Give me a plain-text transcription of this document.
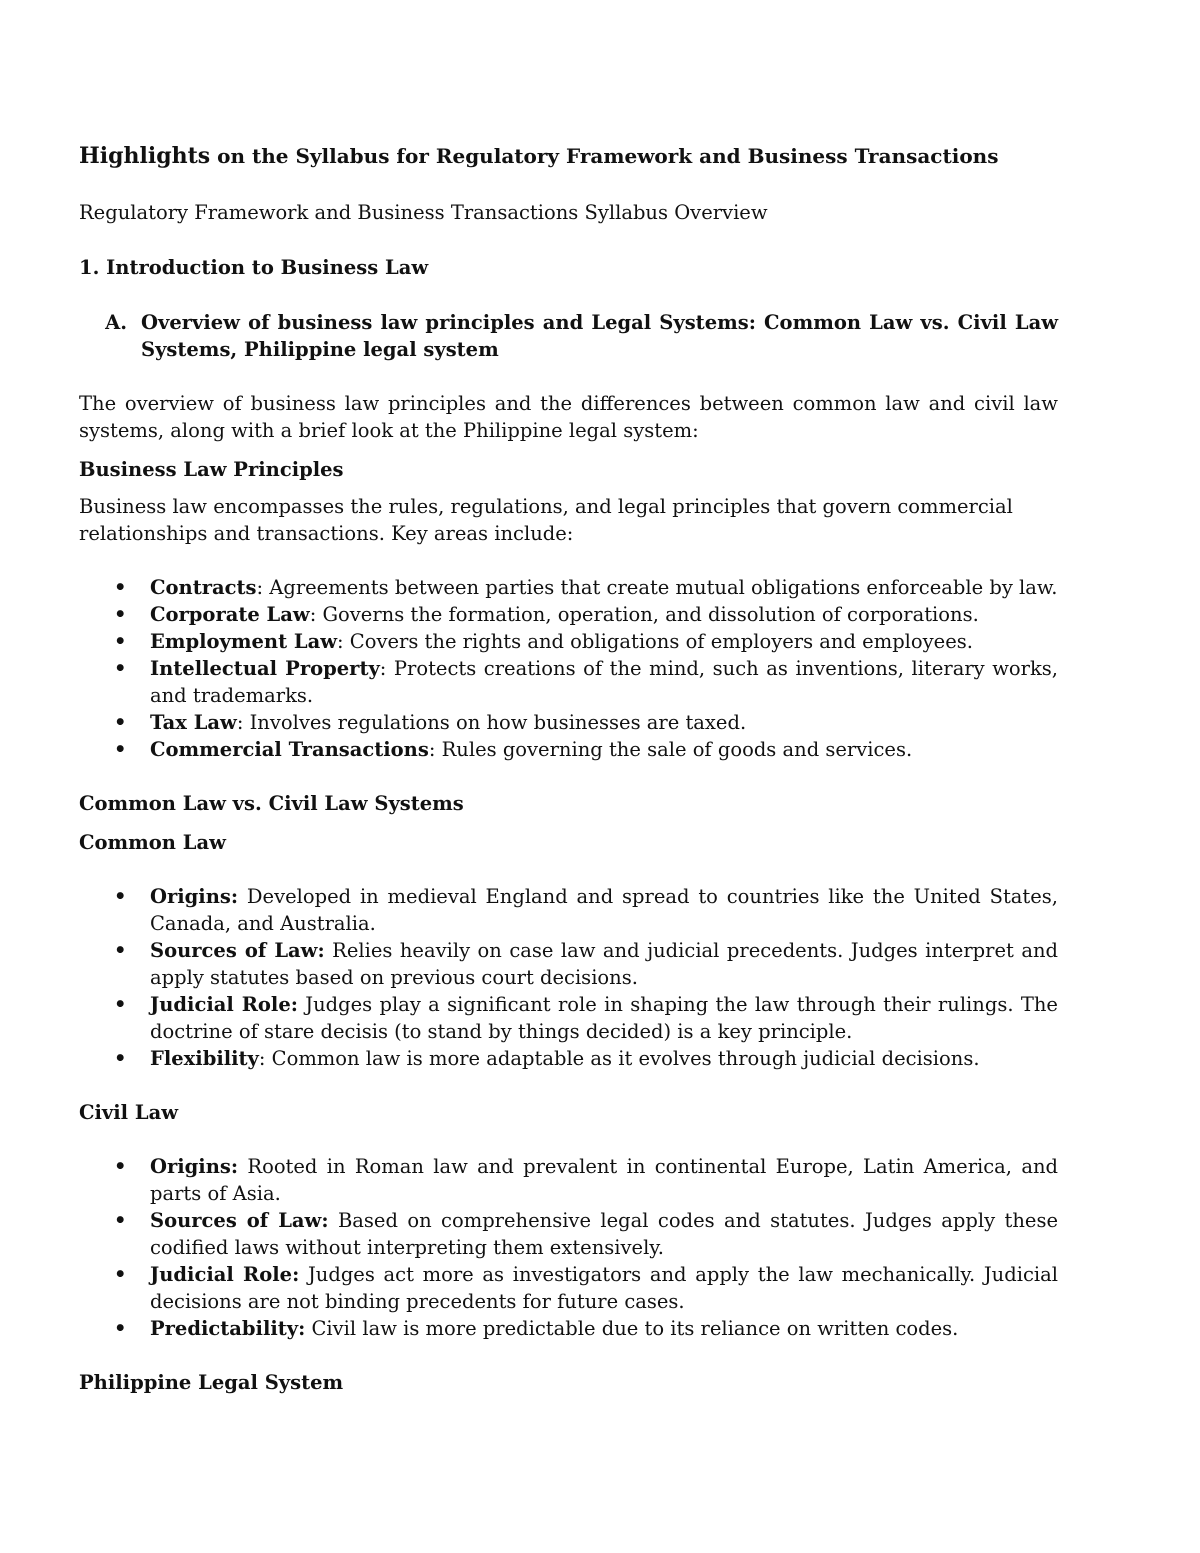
Highlights on the Syllabus for Regulatory Framework and Business Transactions

Regulatory Framework and Business Transactions Syllabus Overview

1. Introduction to Business Law

A. Overview of business law principles and Legal Systems: Common Law vs. Civil Law Systems, Philippine legal system

The overview of business law principles and the differences between common law and civil law systems, along with a brief look at the Philippine legal system:

Business Law Principles

Business law encompasses the rules, regulations, and legal principles that govern commercial relationships and transactions. Key areas include:

• Contracts: Agreements between parties that create mutual obligations enforceable by law.
• Corporate Law: Governs the formation, operation, and dissolution of corporations.
• Employment Law: Covers the rights and obligations of employers and employees.
• Intellectual Property: Protects creations of the mind, such as inventions, literary works, and trademarks.
• Tax Law: Involves regulations on how businesses are taxed.
• Commercial Transactions: Rules governing the sale of goods and services.

Common Law vs. Civil Law Systems

Common Law

• Origins: Developed in medieval England and spread to countries like the United States, Canada, and Australia.
• Sources of Law: Relies heavily on case law and judicial precedents. Judges interpret and apply statutes based on previous court decisions.
• Judicial Role: Judges play a significant role in shaping the law through their rulings. The doctrine of stare decisis (to stand by things decided) is a key principle.
• Flexibility: Common law is more adaptable as it evolves through judicial decisions.

Civil Law

• Origins: Rooted in Roman law and prevalent in continental Europe, Latin America, and parts of Asia.
• Sources of Law: Based on comprehensive legal codes and statutes. Judges apply these codified laws without interpreting them extensively.
• Judicial Role: Judges act more as investigators and apply the law mechanically. Judicial decisions are not binding precedents for future cases.
• Predictability: Civil law is more predictable due to its reliance on written codes.

Philippine Legal System
